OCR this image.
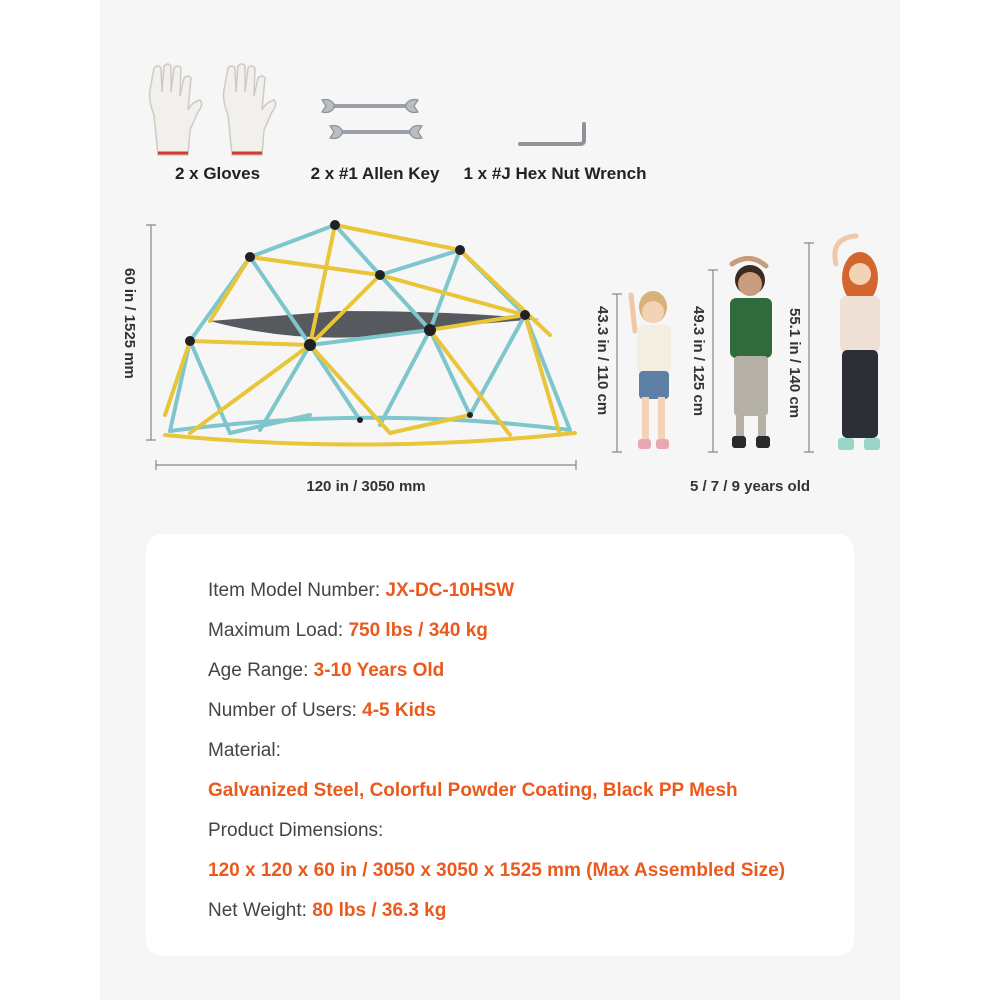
2 x Gloves	2 x #1 Allen Key	1 x #J Hex Nut Wrench
60 in / 1525 mm
120 in / 3050 mm
43.3 in / 110 cm	49.3 in / 125 cm	55.1 in / 140 cm
5 / 7 / 9 years old
Item Model Number: JX-DC-10HSW
Maximum Load: 750 lbs / 340 kg
Age Range: 3-10 Years Old
Number of Users: 4-5 Kids
Material:
Galvanized Steel, Colorful Powder Coating, Black PP Mesh
Product Dimensions:
120 x 120 x 60 in / 3050 x 3050 x 1525 mm (Max Assembled Size)
Net Weight: 80 lbs / 36.3 kg
